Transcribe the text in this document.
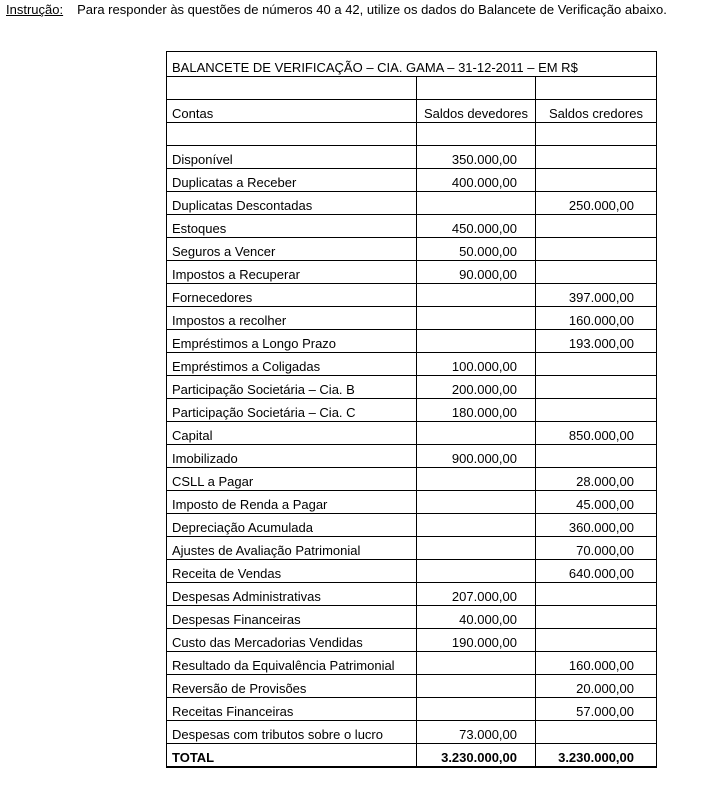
Instrução: Para responder às questões de números 40 a 42, utilize os dados do Balancete de Verificação abaixo.
BALANCETE DE VERIFICAÇÃO – CIA. GAMA – 31-12-2011 – EM R$		

Contas	Saldos devedores	Saldos credores

Disponível	350.000,00	
Duplicatas a Receber	400.000,00	
Duplicatas Descontadas		250.000,00
Estoques	450.000,00	
Seguros a Vencer	50.000,00	
Impostos a Recuperar	90.000,00	
Fornecedores		397.000,00
Impostos a recolher		160.000,00
Empréstimos a Longo Prazo		193.000,00
Empréstimos a Coligadas	100.000,00	
Participação Societária – Cia. B	200.000,00	
Participação Societária – Cia. C	180.000,00	
Capital		850.000,00
Imobilizado	900.000,00	
CSLL a Pagar		28.000,00
Imposto de Renda a Pagar		45.000,00
Depreciação Acumulada		360.000,00
Ajustes de Avaliação Patrimonial		70.000,00
Receita de Vendas		640.000,00
Despesas Administrativas	207.000,00	
Despesas Financeiras	40.000,00	
Custo das Mercadorias Vendidas	190.000,00	
Resultado da Equivalência Patrimonial		160.000,00
Reversão de Provisões		20.000,00
Receitas Financeiras		57.000,00
Despesas com tributos sobre o lucro	73.000,00	
TOTAL	3.230.000,00	3.230.000,00
